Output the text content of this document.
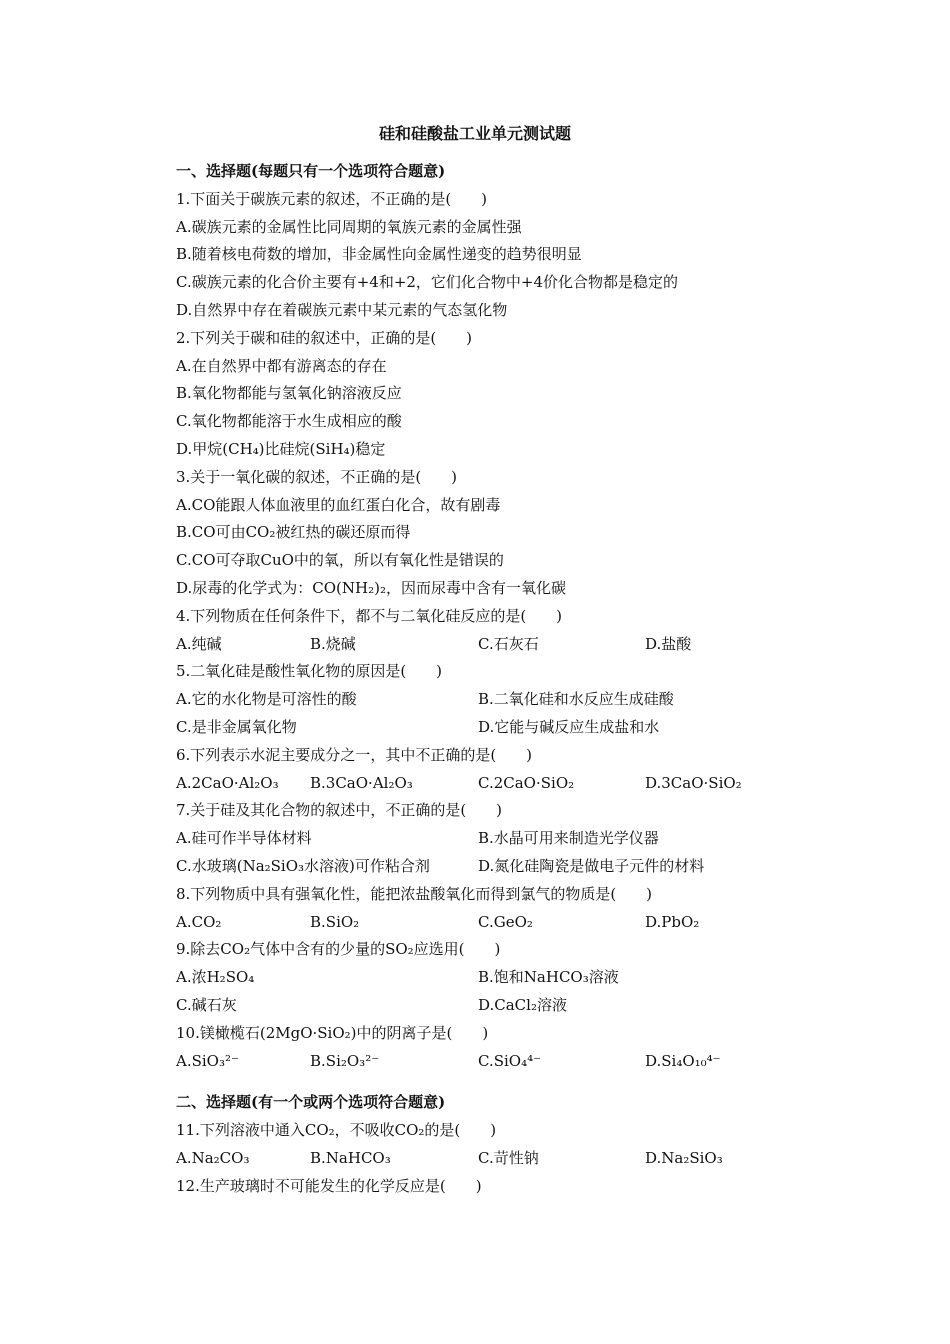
硅和硅酸盐工业单元测试题
一、选择题(每题只有一个选项符合题意)
1.下面关于碳族元素的叙述，不正确的是(　　)
A.碳族元素的金属性比同周期的氧族元素的金属性强
B.随着核电荷数的增加，非金属性向金属性递变的趋势很明显
C.碳族元素的化合价主要有+4和+2，它们化合物中+4价化合物都是稳定的
D.自然界中存在着碳族元素中某元素的气态氢化物
2.下列关于碳和硅的叙述中，正确的是(　　)
A.在自然界中都有游离态的存在
B.氧化物都能与氢氧化钠溶液反应
C.氧化物都能溶于水生成相应的酸
D.甲烷(CH₄)比硅烷(SiH₄)稳定
3.关于一氧化碳的叙述，不正确的是(　　)
A.CO能跟人体血液里的血红蛋白化合，故有剧毒
B.CO可由CO₂被红热的碳还原而得
C.CO可夺取CuO中的氧，所以有氧化性是错误的
D.尿毒的化学式为：CO(NH₂)₂，因而尿毒中含有一氧化碳
4.下列物质在任何条件下，都不与二氧化硅反应的是(　　)
A.纯碱	B.烧碱	C.石灰石	D.盐酸
5.二氧化硅是酸性氧化物的原因是(　　)
A.它的水化物是可溶性的酸	B.二氧化硅和水反应生成硅酸
C.是非金属氧化物	D.它能与碱反应生成盐和水
6.下列表示水泥主要成分之一，其中不正确的是(　　)
A.2CaO·Al₂O₃ B.3CaO·Al₂O₃	C.2CaO·SiO₂	D.3CaO·SiO₂
7.关于硅及其化合物的叙述中，不正确的是(　　)
A.硅可作半导体材料	B.水晶可用来制造光学仪器
C.水玻璃(Na₂SiO₃水溶液)可作粘合剂	D.氮化硅陶瓷是做电子元件的材料
8.下列物质中具有强氧化性，能把浓盐酸氧化而得到氯气的物质是(　　)
A.CO₂	B.SiO₂	C.GeO₂	D.PbO₂
9.除去CO₂气体中含有的少量的SO₂应选用(　　)
A.浓H₂SO₄	B.饱和NaHCO₃溶液
C.碱石灰	D.CaCl₂溶液
10.镁橄榄石(2MgO·SiO₂)中的阴离子是(　　)
A.SiO₃²⁻	B.Si₂O₃²⁻	C.SiO₄⁴⁻	D.Si₄O₁₀⁴⁻
二、选择题(有一个或两个选项符合题意)
11.下列溶液中通入CO₂，不吸收CO₂的是(　　)
A.Na₂CO₃	B.NaHCO₃	C.苛性钠	D.Na₂SiO₃
12.生产玻璃时不可能发生的化学反应是(　　)
